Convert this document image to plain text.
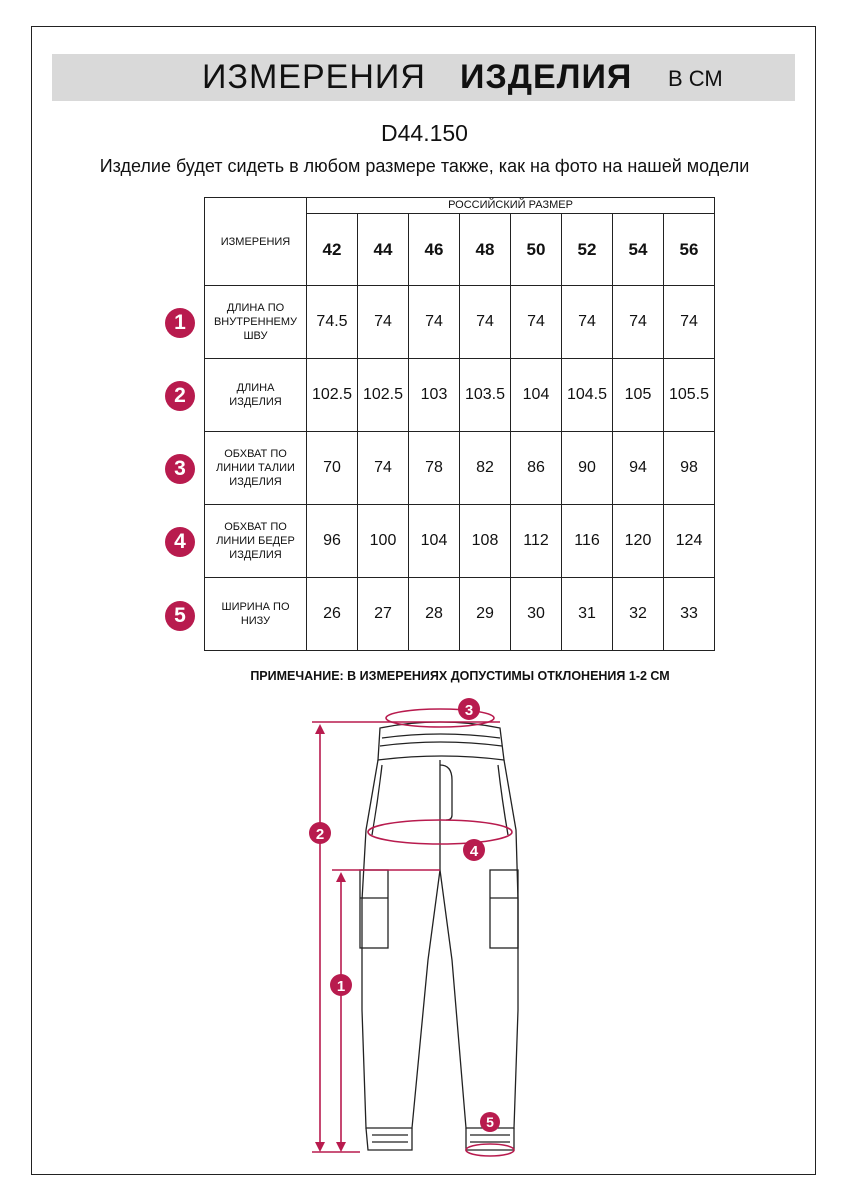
ИЗМЕРЕНИЯ ИЗДЕЛИЯ В СМ
D44.150
Изделие будет сидеть в любом размере также, как на фото на нашей модели
ИЗМЕРЕНИЯ	РОССИЙСКИЙ РАЗМЕР							
	42	44	46	48	50	52	54	56
ДЛИНА ПО ВНУТРЕННЕМУ ШВУ	74.5	74	74	74	74	74	74	74
ДЛИНА ИЗДЕЛИЯ	102.5	102.5	103	103.5	104	104.5	105	105.5
ОБХВАТ ПО ЛИНИИ ТАЛИИ ИЗДЕЛИЯ	70	74	78	82	86	90	94	98
ОБХВАТ ПО ЛИНИИ БЕДЕР ИЗДЕЛИЯ	96	100	104	108	112	116	120	124
ШИРИНА ПО НИЗУ	26	27	28	29	30	31	32	33
1
2
3
4
5
ПРИМЕЧАНИЕ: В ИЗМЕРЕНИЯХ ДОПУСТИМЫ ОТКЛОНЕНИЯ 1-2 СМ
1
2
3
4
5
